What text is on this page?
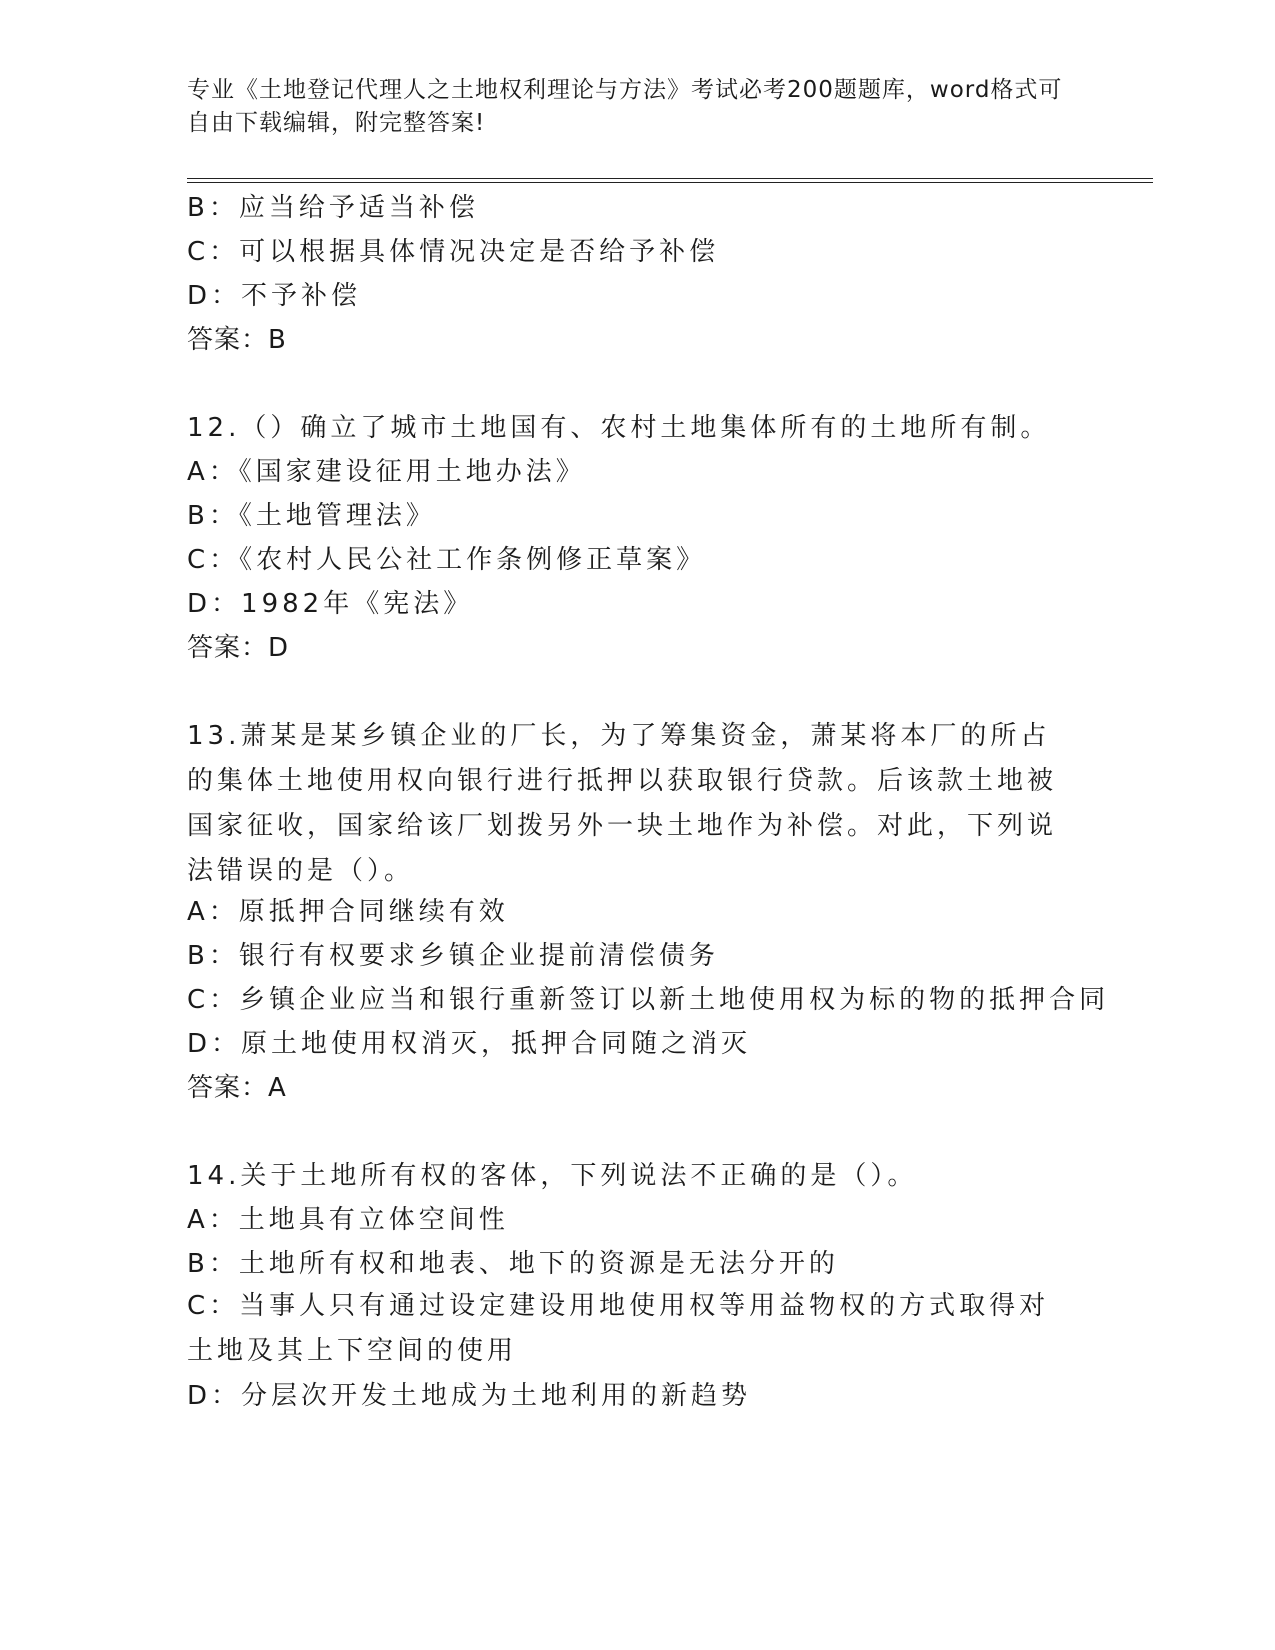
专业《土地登记代理人之土地权利理论与方法》考试必考200题题库，word格式可自由下载编辑，附完整答案!
B：应当给予适当补偿
C：可以根据具体情况决定是否给予补偿
D：不予补偿
答案：B
12.（）确立了城市土地国有、农村土地集体所有的土地所有制。
A：《国家建设征用土地办法》
B：《土地管理法》
C：《农村人民公社工作条例修正草案》
D：1982年《宪法》
答案：D
13.萧某是某乡镇企业的厂长，为了筹集资金，萧某将本厂的所占的集体土地使用权向银行进行抵押以获取银行贷款。后该款土地被国家征收，国家给该厂划拨另外一块土地作为补偿。对此，下列说法错误的是（）。
A：原抵押合同继续有效
B：银行有权要求乡镇企业提前清偿债务
C：乡镇企业应当和银行重新签订以新土地使用权为标的物的抵押合同
D：原土地使用权消灭，抵押合同随之消灭
答案：A
14.关于土地所有权的客体，下列说法不正确的是（）。
A：土地具有立体空间性
B：土地所有权和地表、地下的资源是无法分开的
C：当事人只有通过设定建设用地使用权等用益物权的方式取得对土地及其上下空间的使用
D：分层次开发土地成为土地利用的新趋势
